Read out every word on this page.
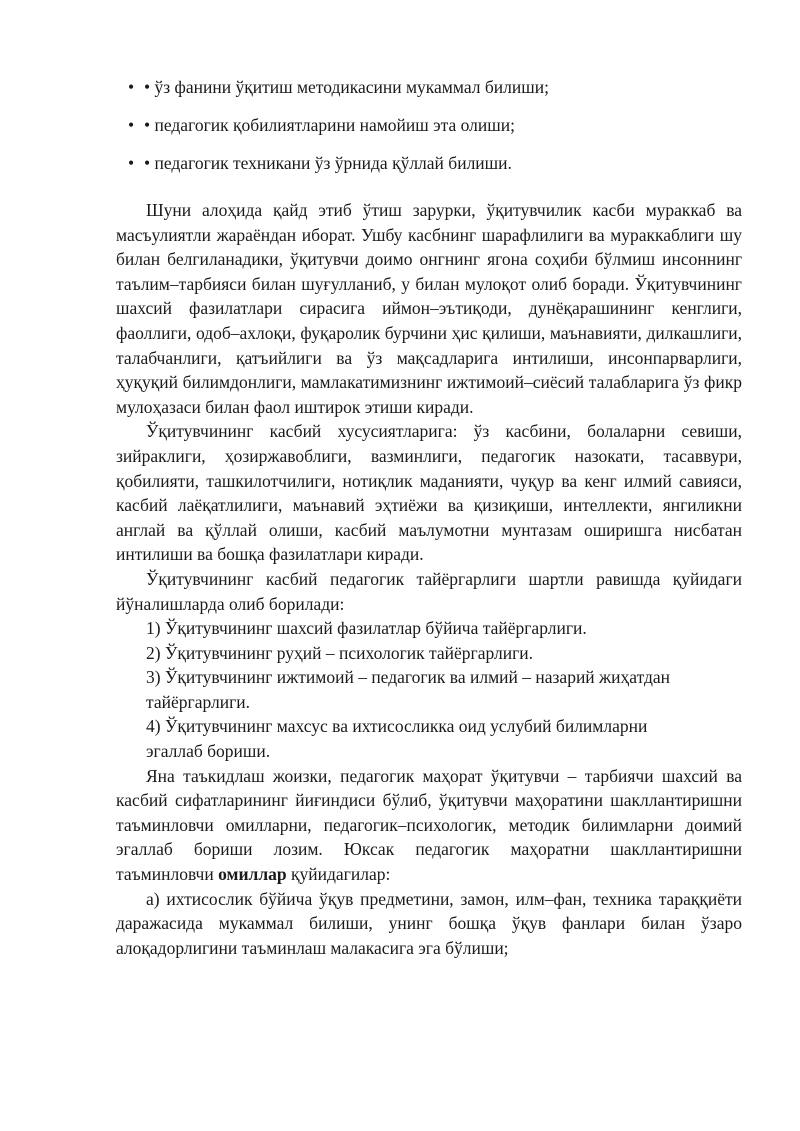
• • ўз фанини ўқитиш методикасини мукаммал билиши;
• • педагогик қобилиятларини намойиш эта олиши;
• • педагогик техникани ўз ўрнида қўллай билиши.

Шуни алоҳида қайд этиб ўтиш зарурки, ўқитувчилик касби мураккаб ва масъулиятли жараёндан иборат. Ушбу касбнинг шарафлилиги ва мураккаблиги шу билан белгиланадики, ўқитувчи доимо онгнинг ягона соҳиби бўлмиш инсоннинг таълим–тарбияси билан шуғулланиб, у билан мулоқот олиб боради. Ўқитувчининг шахсий фазилатлари сирасига иймон–эътиқоди, дунёқарашининг кенглиги, фаоллиги, одоб–ахлоқи, фуқаролик бурчини ҳис қилиши, маънавияти, дилкашлиги, талабчанлиги, қатъийлиги ва ўз мақсадларига интилиши, инсонпарварлиги, ҳуқуқий билимдонлиги, мамлакатимизнинг ижтимоий–сиёсий талабларига ўз фикр мулоҳазаси билан фаол иштирок этиши киради.

Ўқитувчининг касбий хусусиятларига: ўз касбини, болаларни севиши, зийраклиги, ҳозиржавоблиги, вазминлиги, педагогик назокати, тасаввури, қобилияти, ташкилотчилиги, нотиқлик маданияти, чуқур ва кенг илмий савияси, касбий лаёқатлилиги, маънавий эҳтиёжи ва қизиқиши, интеллекти, янгиликни англай ва қўллай олиши, касбий маълумотни мунтазам оширишга нисбатан интилиши ва бошқа фазилатлари киради.

Ўқитувчининг касбий педагогик тайёргарлиги шартли равишда қуйидаги йўналишларда олиб борилади:

1) Ўқитувчининг шахсий фазилатлар бўйича тайёргарлиги.

2) Ўқитувчининг руҳий – психологик тайёргарлиги.

3) Ўқитувчининг ижтимоий – педагогик ва илмий – назарий жиҳатдан

тайёргарлиги.

4) Ўқитувчининг махсус ва ихтисосликка оид услубий билимларни

эгаллаб бориши.

Яна таъкидлаш жоизки, педагогик маҳорат ўқитувчи – тарбиячи шахсий ва касбий сифатларининг йиғиндиси бўлиб, ўқитувчи маҳоратини шакллантиришни таъминловчи омилларни, педагогик–психологик, методик билимларни доимий эгаллаб бориши лозим. Юксак педагогик маҳоратни шакллантиришни таъминловчи омиллар қуйидагилар:

а) ихтисослик бўйича ўқув предметини, замон, илм–фан, техника тараққиёти даражасида мукаммал билиши, унинг бошқа ўқув фанлари билан ўзаро алоқадорлигини таъминлаш малакасига эга бўлиши;
